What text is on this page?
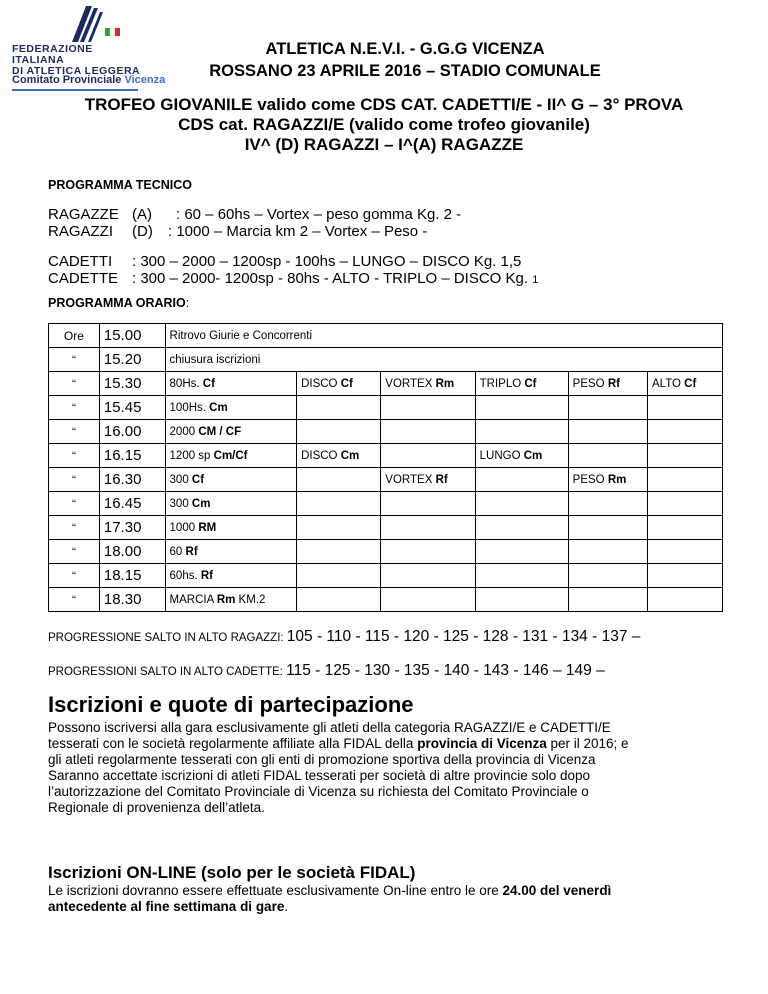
FEDERAZIONE ITALIANA
DI ATLETICA LEGGERA
Comitato Provinciale Vicenza
ATLETICA N.E.V.I. - G.G.G VICENZA
ROSSANO 23 APRILE 2016 – STADIO COMUNALE
TROFEO GIOVANILE valido come CDS CAT. CADETTI/E - II^ G – 3° PROVA
CDS cat. RAGAZZI/E (valido come trofeo giovanile)
IV^ (D) RAGAZZI – I^(A) RAGAZZE
PROGRAMMA TECNICO
RAGAZZE (A) : 60 – 60hs – Vortex – peso gomma Kg. 2 -
RAGAZZI (D) : 1000 – Marcia km 2 – Vortex – Peso -
CADETTI : 300 – 2000 – 1200sp - 100hs – LUNGO – DISCO Kg. 1,5
CADETTE : 300 – 2000- 1200sp - 80hs - ALTO - TRIPLO – DISCO Kg. 1
PROGRAMMA ORARIO:
Ore	15.00	Ritrovo Giurie e Concorrenti					
“	15.20	chiusura iscrizioni					
“	15.30	80Hs. Cf	DISCO Cf	VORTEX Rm	TRIPLO Cf	PESO Rf	ALTO Cf
“	15.45	100Hs. Cm					
“	16.00	2000 CM / CF					
“	16.15	1200 sp Cm/Cf	DISCO Cm		LUNGO Cm		
“	16.30	300 Cf		VORTEX Rf		PESO Rm	
“	16.45	300 Cm					
“	17.30	1000 RM					
“	18.00	60 Rf					
“	18.15	60hs. Rf					
“	18.30	MARCIA Rm KM.2					
PROGRESSIONE SALTO IN ALTO RAGAZZI: 105 - 110 - 115 - 120 - 125 - 128 - 131 - 134 - 137 –
PROGRESSIONI SALTO IN ALTO CADETTE: 115 - 125 - 130 - 135 - 140 - 143 - 146 – 149 –
Iscrizioni e quote di partecipazione
Possono iscriversi alla gara esclusivamente gli atleti della categoria RAGAZZI/E e CADETTI/E
tesserati con le società regolarmente affiliate alla FIDAL della provincia di Vicenza per il 2016; e
gli atleti regolarmente tesserati con gli enti di promozione sportiva della provincia di Vicenza
Saranno accettate iscrizioni di atleti FIDAL tesserati per società di altre provincie solo dopo
l’autorizzazione del Comitato Provinciale di Vicenza su richiesta del Comitato Provinciale o
Regionale di provenienza dell’atleta.
Iscrizioni ON-LINE (solo per le società FIDAL)
Le iscrizioni dovranno essere effettuate esclusivamente On-line entro le ore 24.00 del venerdì
antecedente al fine settimana di gare.
